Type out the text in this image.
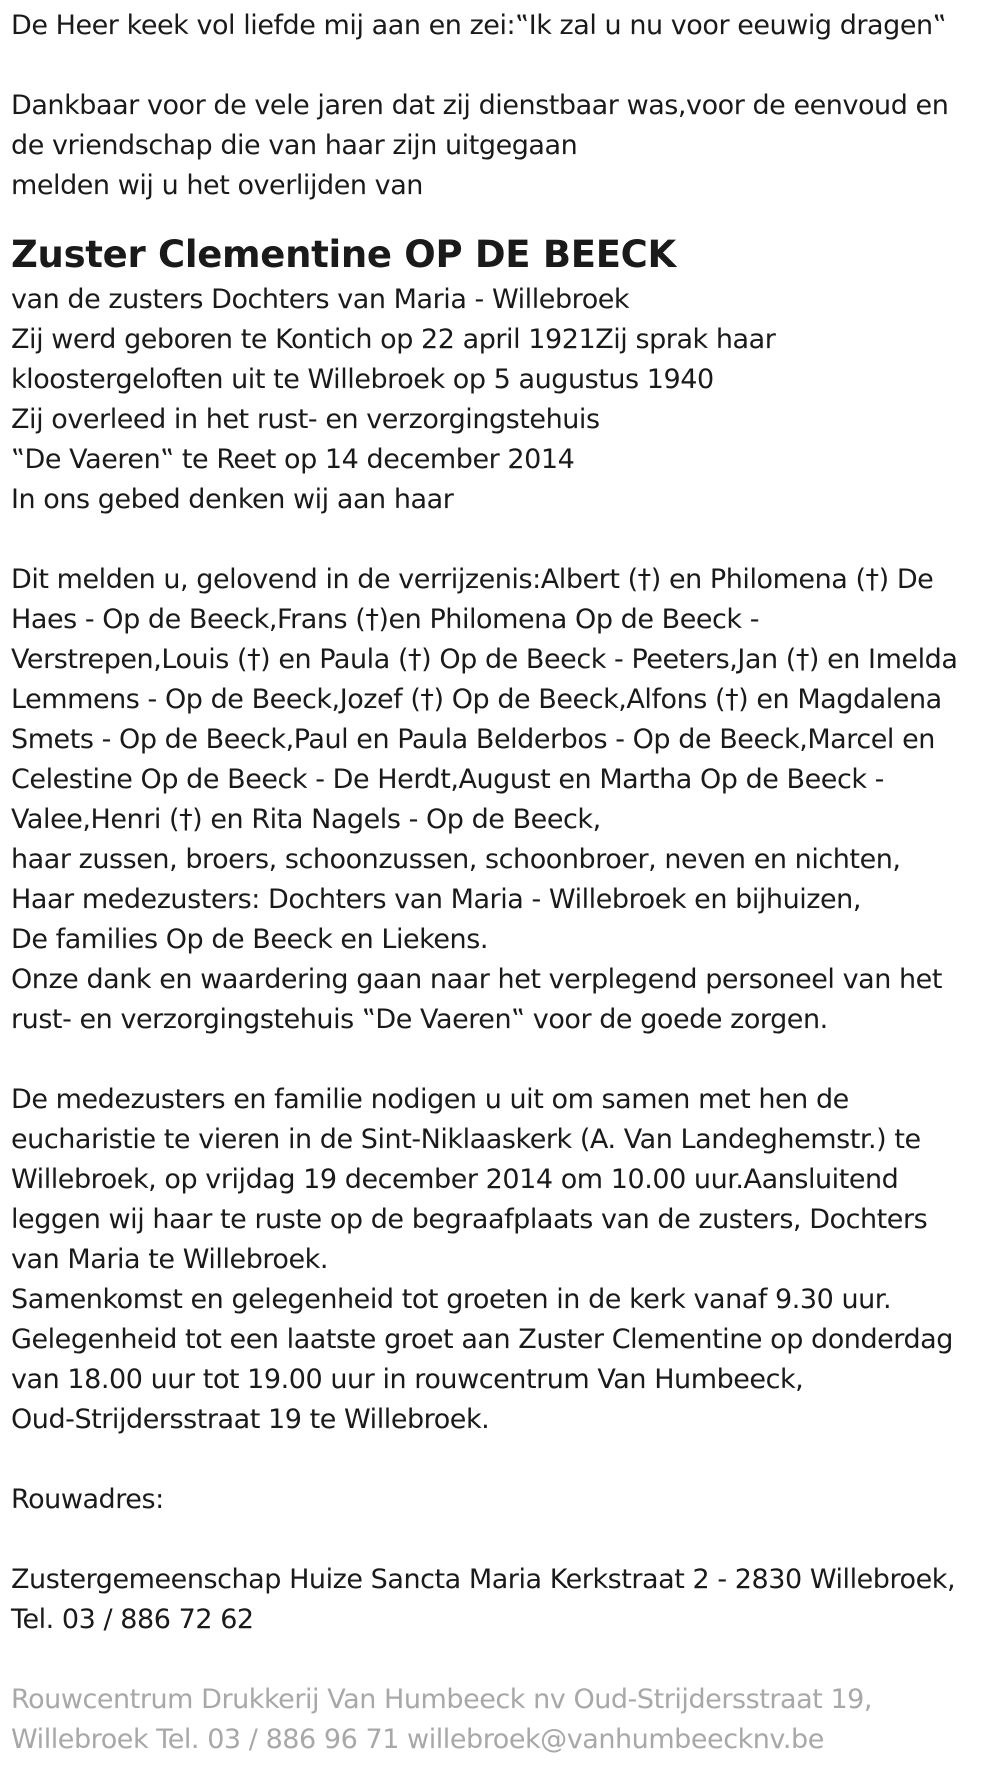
De Heer keek vol liefde mij aan en zei:‟Ik zal u nu voor eeuwig dragen‟
Dankbaar voor de vele jaren dat zij dienstbaar was,voor de eenvoud en
de vriendschap die van haar zijn uitgegaan
melden wij u het overlijden van
Zuster Clementine OP DE BEECK
van de zusters Dochters van Maria - Willebroek
Zij werd geboren te Kontich op 22 april 1921Zij sprak haar
kloostergeloften uit te Willebroek op 5 augustus 1940
Zij overleed in het rust- en verzorgingstehuis
‟De Vaeren‟ te Reet op 14 december 2014
In ons gebed denken wij aan haar
Dit melden u, gelovend in de verrijzenis:Albert (†) en Philomena (†) De
Haes - Op de Beeck,Frans (†)en Philomena Op de Beeck -
Verstrepen,Louis (†) en Paula (†) Op de Beeck - Peeters,Jan (†) en Imelda
Lemmens - Op de Beeck,Jozef (†) Op de Beeck,Alfons (†) en Magdalena
Smets - Op de Beeck,Paul en Paula Belderbos - Op de Beeck,Marcel en
Celestine Op de Beeck - De Herdt,August en Martha Op de Beeck -
Valee,Henri (†) en Rita Nagels - Op de Beeck,
haar zussen, broers, schoonzussen, schoonbroer, neven en nichten,
Haar medezusters: Dochters van Maria - Willebroek en bijhuizen,
De families Op de Beeck en Liekens.
Onze dank en waardering gaan naar het verplegend personeel van het
rust- en verzorgingstehuis ‟De Vaeren‟ voor de goede zorgen.
De medezusters en familie nodigen u uit om samen met hen de
eucharistie te vieren in de Sint-Niklaaskerk (A. Van Landeghemstr.) te
Willebroek, op vrijdag 19 december 2014 om 10.00 uur.Aansluitend
leggen wij haar te ruste op de begraafplaats van de zusters, Dochters
van Maria te Willebroek.
Samenkomst en gelegenheid tot groeten in de kerk vanaf 9.30 uur.
Gelegenheid tot een laatste groet aan Zuster Clementine op donderdag
van 18.00 uur tot 19.00 uur in rouwcentrum Van Humbeeck,
Oud-Strijdersstraat 19 te Willebroek.
Rouwadres:
Zustergemeenschap Huize Sancta Maria Kerkstraat 2 - 2830 Willebroek,
Tel. 03 / 886 72 62
Rouwcentrum Drukkerij Van Humbeeck nv Oud-Strijdersstraat 19,
Willebroek Tel. 03 / 886 96 71 willebroek@vanhumbeecknv.be
